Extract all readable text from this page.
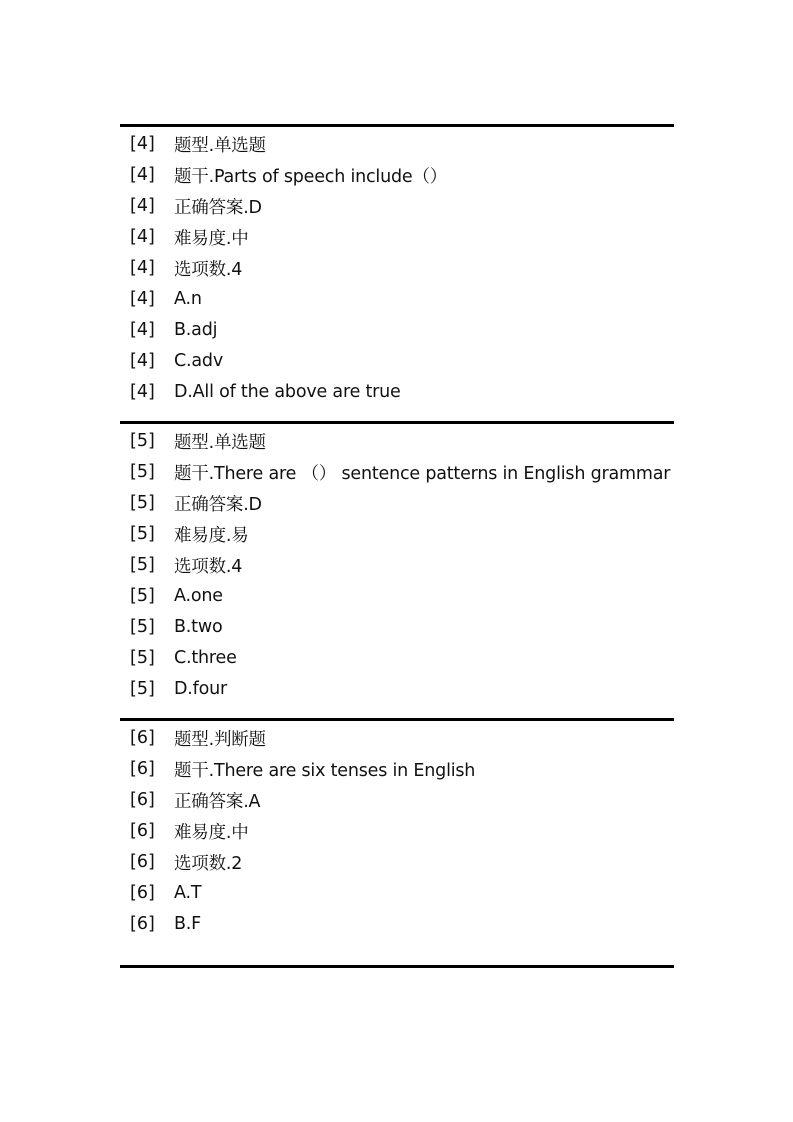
[4]	题型.单选题
[4]	题干.Parts of speech include（）
[4]	正确答案.D
[4]	难易度.中
[4]	选项数.4
[4]	A.n
[4]	B.adj
[4]	C.adv
[4]	D.All of the above are true
[5]	题型.单选题
[5]	题干.There are （） sentence patterns in English grammar
[5]	正确答案.D
[5]	难易度.易
[5]	选项数.4
[5]	A.one
[5]	B.two
[5]	C.three
[5]	D.four
[6]	题型.判断题
[6]	题干.There are six tenses in English
[6]	正确答案.A
[6]	难易度.中
[6]	选项数.2
[6]	A.T
[6]	B.F
